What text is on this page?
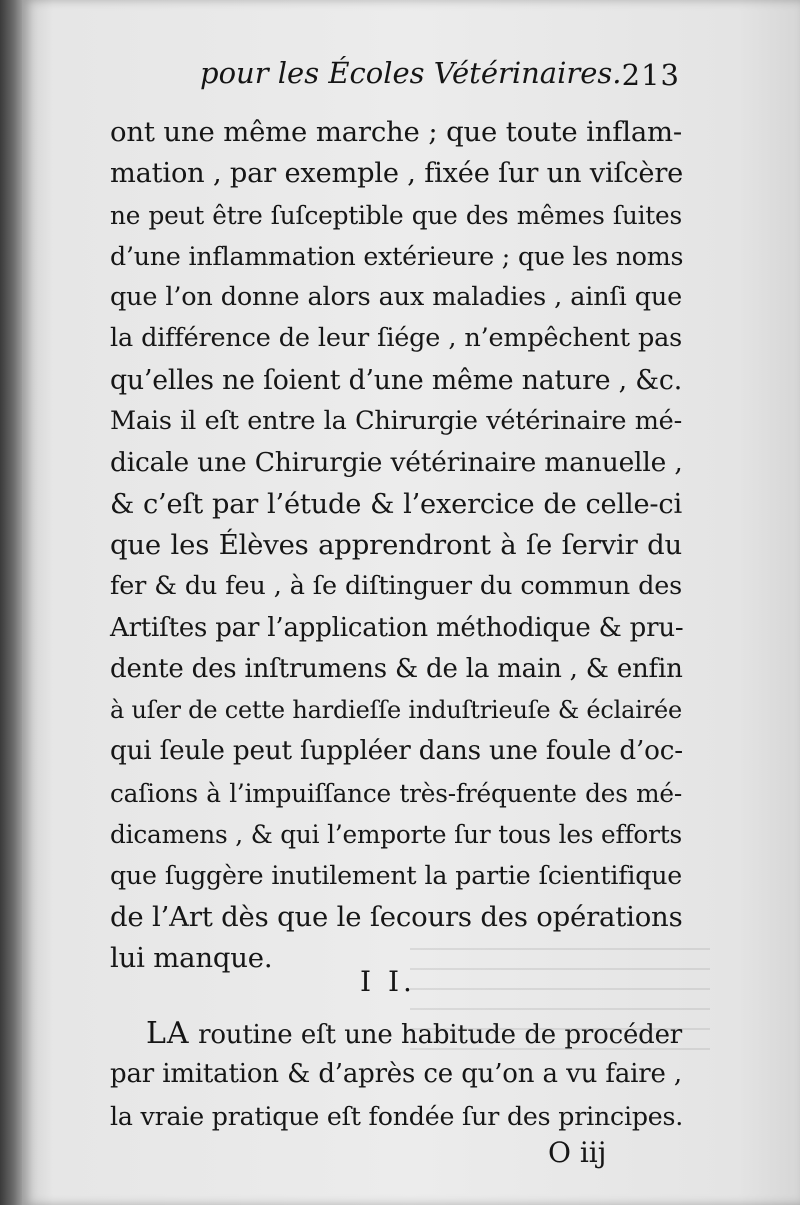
pour les Écoles Vétérinaires. 213
ont une même marche ; que toute inflam-
mation , par exemple , fixée ſur un viſcère
ne peut être ſuſceptible que des mêmes ſuites
d’une inflammation extérieure ; que les noms
que l’on donne alors aux maladies , ainſi que
la différence de leur ſiége , n’empêchent pas
qu’elles ne ſoient d’une même nature , &c.
Mais il eſt entre la Chirurgie vétérinaire mé-
dicale une Chirurgie vétérinaire manuelle ,
& c’eſt par l’étude & l’exercice de celle-ci
que les Élèves apprendront à ſe ſervir du
fer & du feu , à ſe diſtinguer du commun des
Artiſtes par l’application méthodique & pru-
dente des inſtrumens & de la main , & enfin
à uſer de cette hardieſſe induſtrieuſe & éclairée
qui ſeule peut ſuppléer dans une foule d’oc-
caſions à l’impuiſſance très-fréquente des mé-
dicamens , & qui l’emporte ſur tous les efforts
que ſuggère inutilement la partie ſcientifique
de l’Art dès que le ſecours des opérations
lui manque.
I I.
LA routine eſt une habitude de procéder
par imitation & d’après ce qu’on a vu faire ,
la vraie pratique eſt fondée ſur des principes.
O iij
